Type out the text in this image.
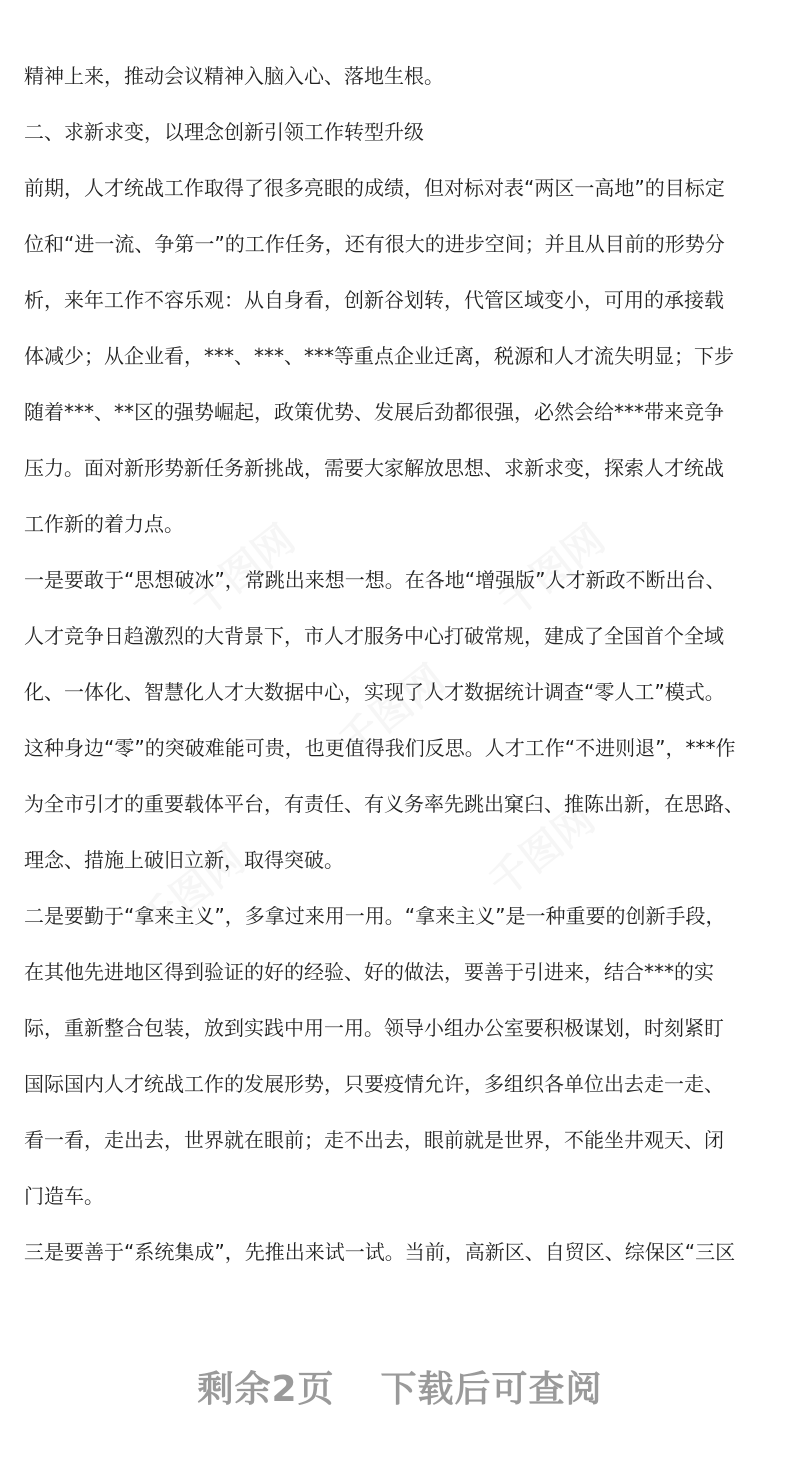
精神上来，推动会议精神入脑入心、落地生根。
二、求新求变，以理念创新引领工作转型升级
前期，人才统战工作取得了很多亮眼的成绩，但对标对表“两区一高地”的目标定
位和“进一流、争第一”的工作任务，还有很大的进步空间；并且从目前的形势分
析，来年工作不容乐观：从自身看，创新谷划转，代管区域变小，可用的承接载
体减少；从企业看，***、***、***等重点企业迁离，税源和人才流失明显；下步
随着***、**区的强势崛起，政策优势、发展后劲都很强，必然会给***带来竞争
压力。面对新形势新任务新挑战，需要大家解放思想、求新求变，探索人才统战
工作新的着力点。
一是要敢于“思想破冰”，常跳出来想一想。在各地“增强版”人才新政不断出台、
人才竞争日趋激烈的大背景下，市人才服务中心打破常规，建成了全国首个全域
化、一体化、智慧化人才大数据中心，实现了人才数据统计调查“零人工”模式。
这种身边“零”的突破难能可贵，也更值得我们反思。人才工作“不进则退”，***作
为全市引才的重要载体平台，有责任、有义务率先跳出窠臼、推陈出新，在思路、
理念、措施上破旧立新，取得突破。
二是要勤于“拿来主义”，多拿过来用一用。“拿来主义”是一种重要的创新手段，
在其他先进地区得到验证的好的经验、好的做法，要善于引进来，结合***的实
际，重新整合包装，放到实践中用一用。领导小组办公室要积极谋划，时刻紧盯
国际国内人才统战工作的发展形势，只要疫情允许，多组织各单位出去走一走、
看一看，走出去，世界就在眼前；走不出去，眼前就是世界，不能坐井观天、闭
门造车。
三是要善于“系统集成”，先推出来试一试。当前，高新区、自贸区、综保区“三区
剩余2页 下载后可查阅
